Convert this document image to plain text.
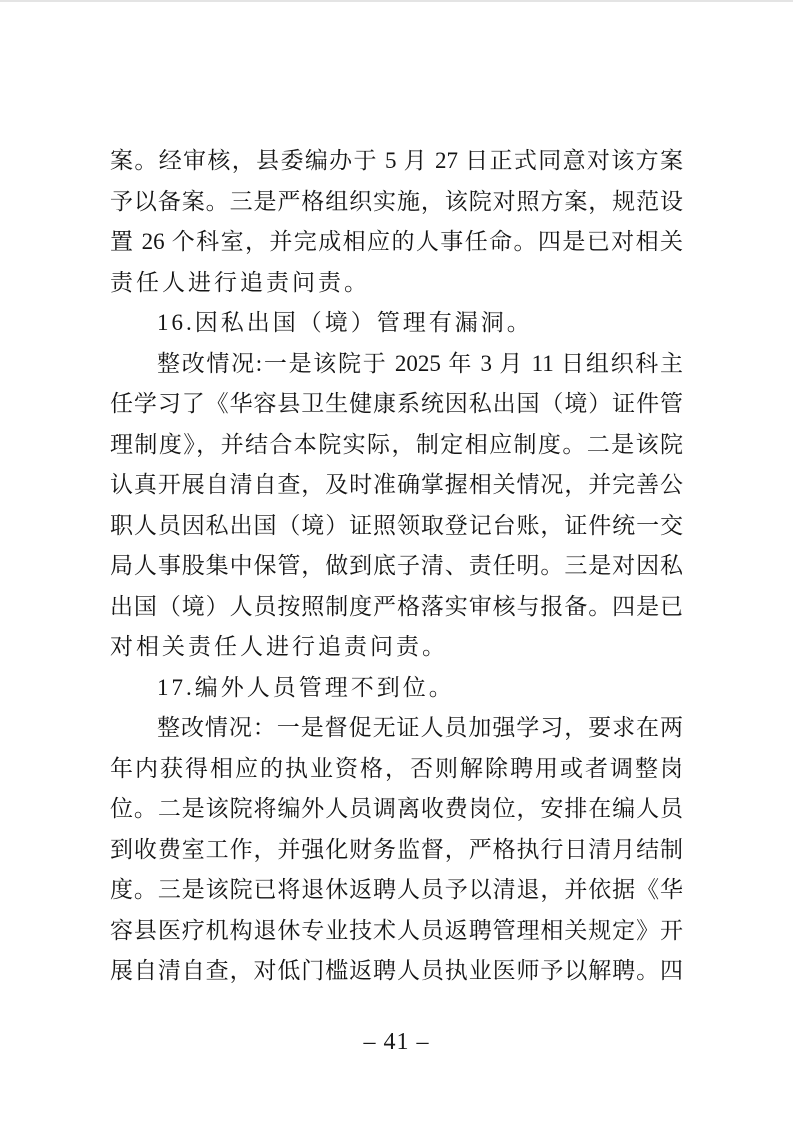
案。经审核，县委编办于 5 月 27 日正式同意对该方案
予以备案。三是严格组织实施，该院对照方案，规范设
置 26 个科室，并完成相应的人事任命。四是已对相关
责任人进行追责问责。
16.因私出国（境）管理有漏洞。
整改情况:一是该院于 2025 年 3 月 11 日组织科主
任学习了《华容县卫生健康系统因私出国（境）证件管
理制度》，并结合本院实际，制定相应制度。二是该院
认真开展自清自查，及时准确掌握相关情况，并完善公
职人员因私出国（境）证照领取登记台账，证件统一交
局人事股集中保管，做到底子清、责任明。三是对因私
出国（境）人员按照制度严格落实审核与报备。四是已
对相关责任人进行追责问责。
17.编外人员管理不到位。
整改情况：一是督促无证人员加强学习，要求在两
年内获得相应的执业资格，否则解除聘用或者调整岗
位。二是该院将编外人员调离收费岗位，安排在编人员
到收费室工作，并强化财务监督，严格执行日清月结制
度。三是该院已将退休返聘人员予以清退，并依据《华
容县医疗机构退休专业技术人员返聘管理相关规定》开
展自清自查，对低门槛返聘人员执业医师予以解聘。四
– 41 –
